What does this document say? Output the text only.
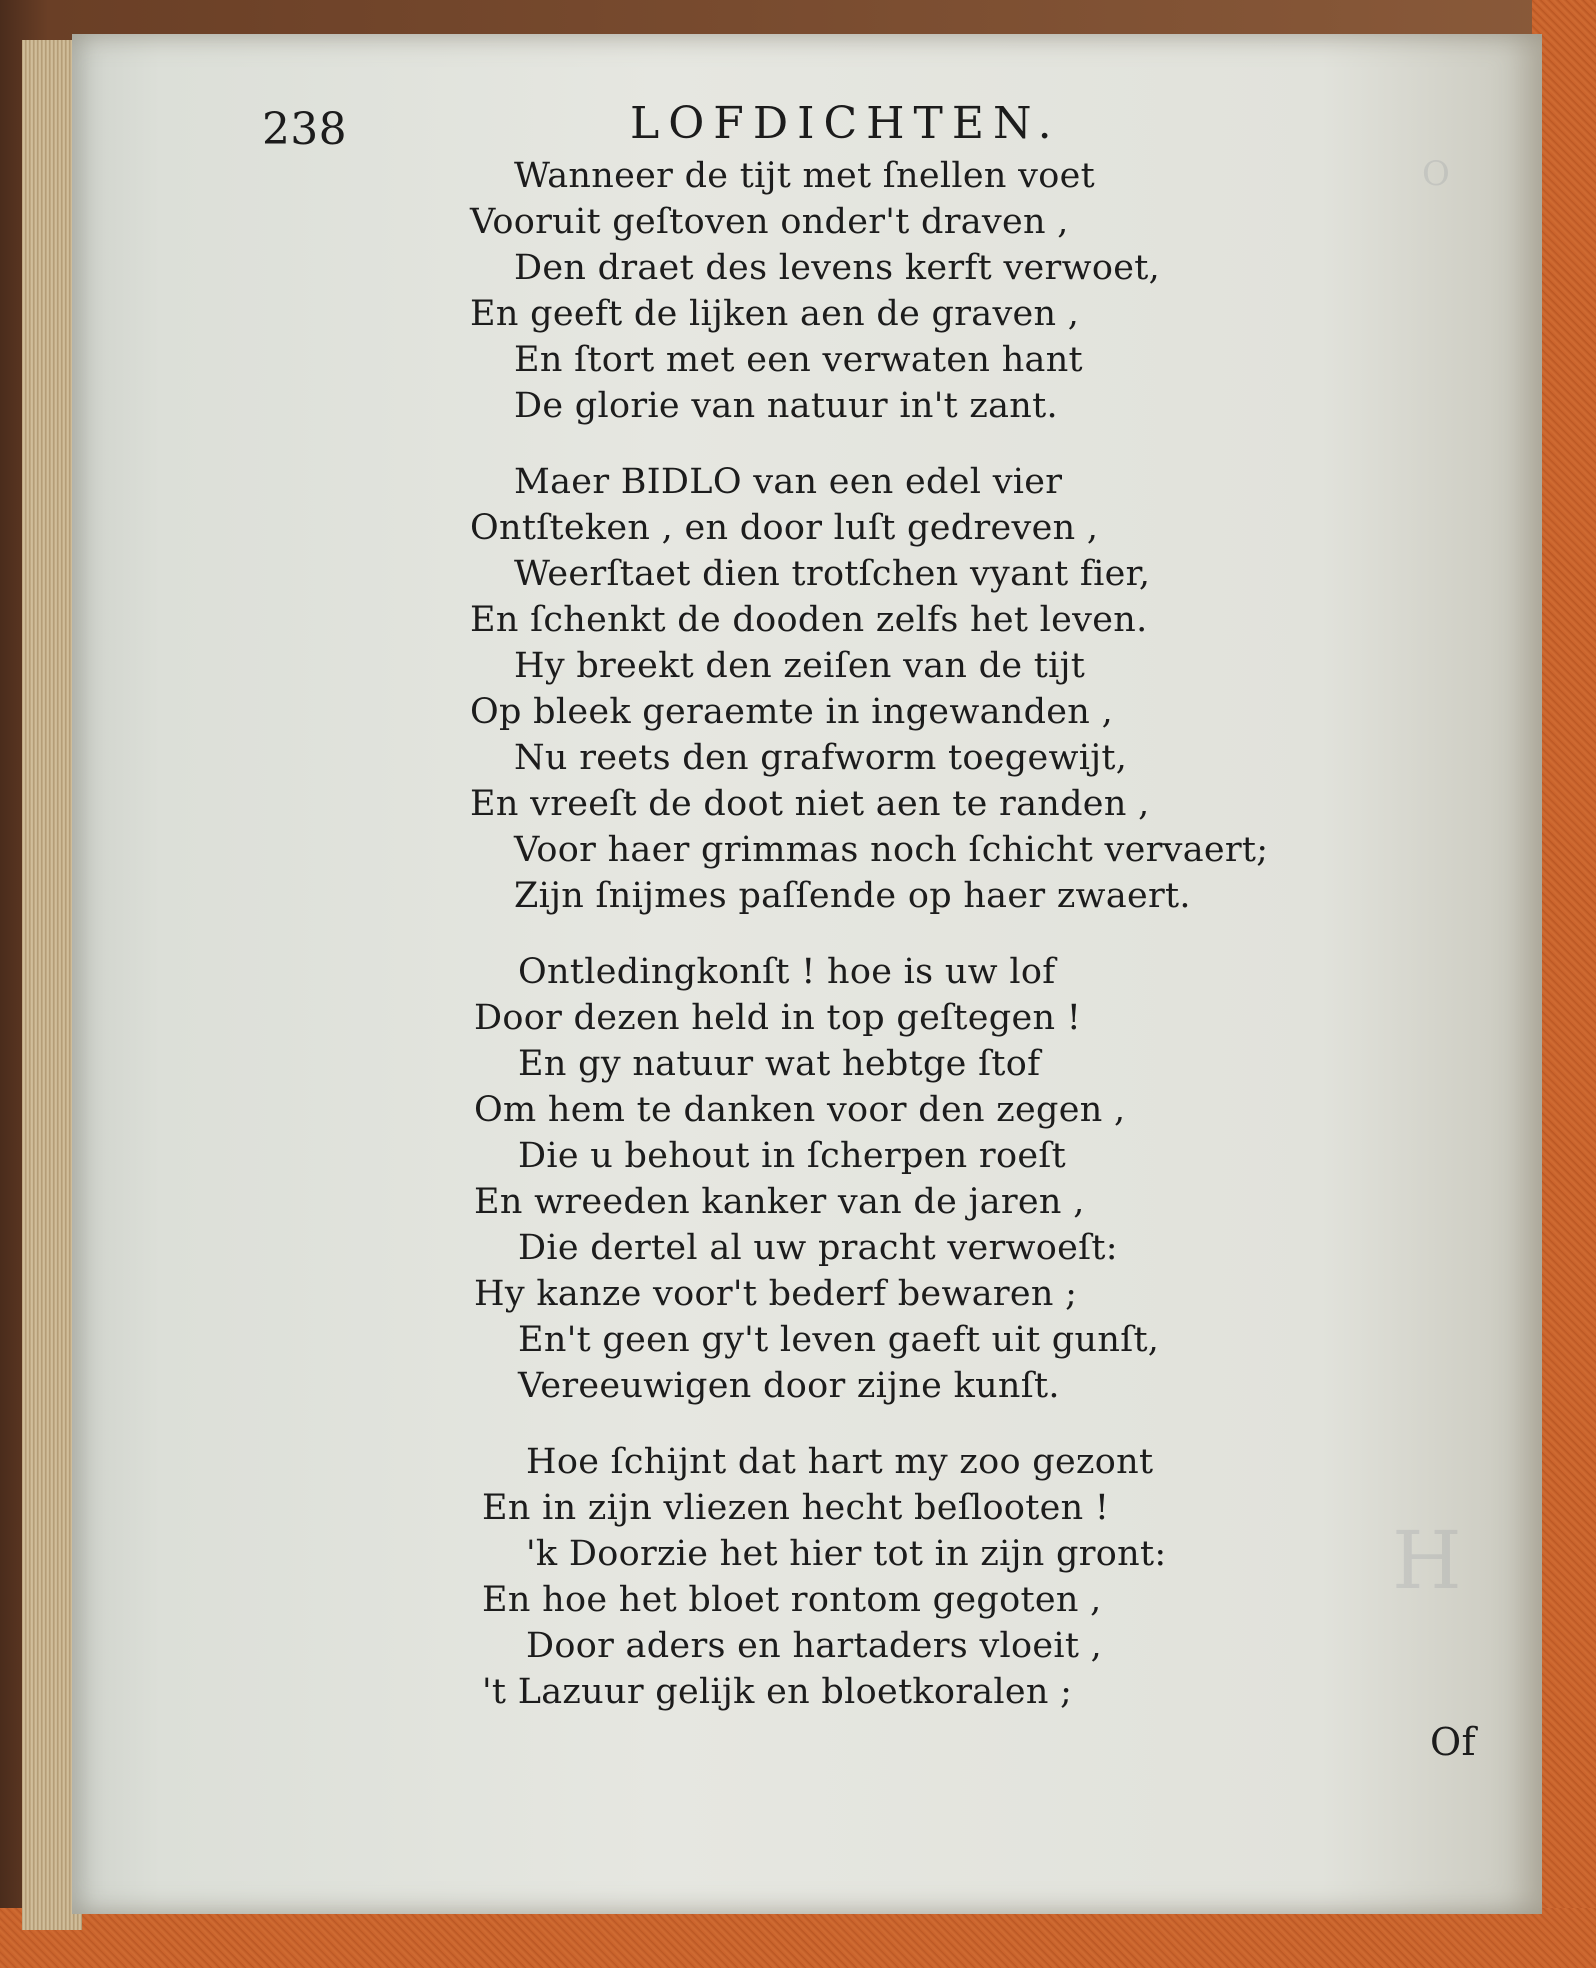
O
H
238	LOFDICHTEN.
Wanneer de tijt met ſnellen voet
Vooruit geſtoven onder't draven ,
Den draet des levens kerft verwoet,
En geeft de lijken aen de graven ,
En ſtort met een verwaten hant
De glorie van natuur in't zant.
Maer BIDLO van een edel vier
Ontſteken , en door luſt gedreven ,
Weerſtaet dien trotſchen vyant fier,
En ſchenkt de dooden zelfs het leven.
Hy breekt den zeiſen van de tijt
Op bleek geraemte in ingewanden ,
Nu reets den grafworm toegewijt,
En vreeſt de doot niet aen te randen ,
Voor haer grimmas noch ſchicht vervaert;
Zijn ſnijmes paſſende op haer zwaert.
Ontledingkonſt ! hoe is uw lof
Door dezen held in top geſtegen !
En gy natuur wat hebtge ſtof
Om hem te danken voor den zegen ,
Die u behout in ſcherpen roeſt
En wreeden kanker van de jaren ,
Die dertel al uw pracht verwoeſt:
Hy kanze voor't bederf bewaren ;
En't geen gy't leven gaeft uit gunſt,
Vereeuwigen door zijne kunſt.
Hoe ſchijnt dat hart my zoo gezont
En in zijn vliezen hecht beſlooten !
'k Doorzie het hier tot in zijn gront:
En hoe het bloet rontom gegoten ,
Door aders en hartaders vloeit ,
't Lazuur gelijk en bloetkoralen ;
Of
